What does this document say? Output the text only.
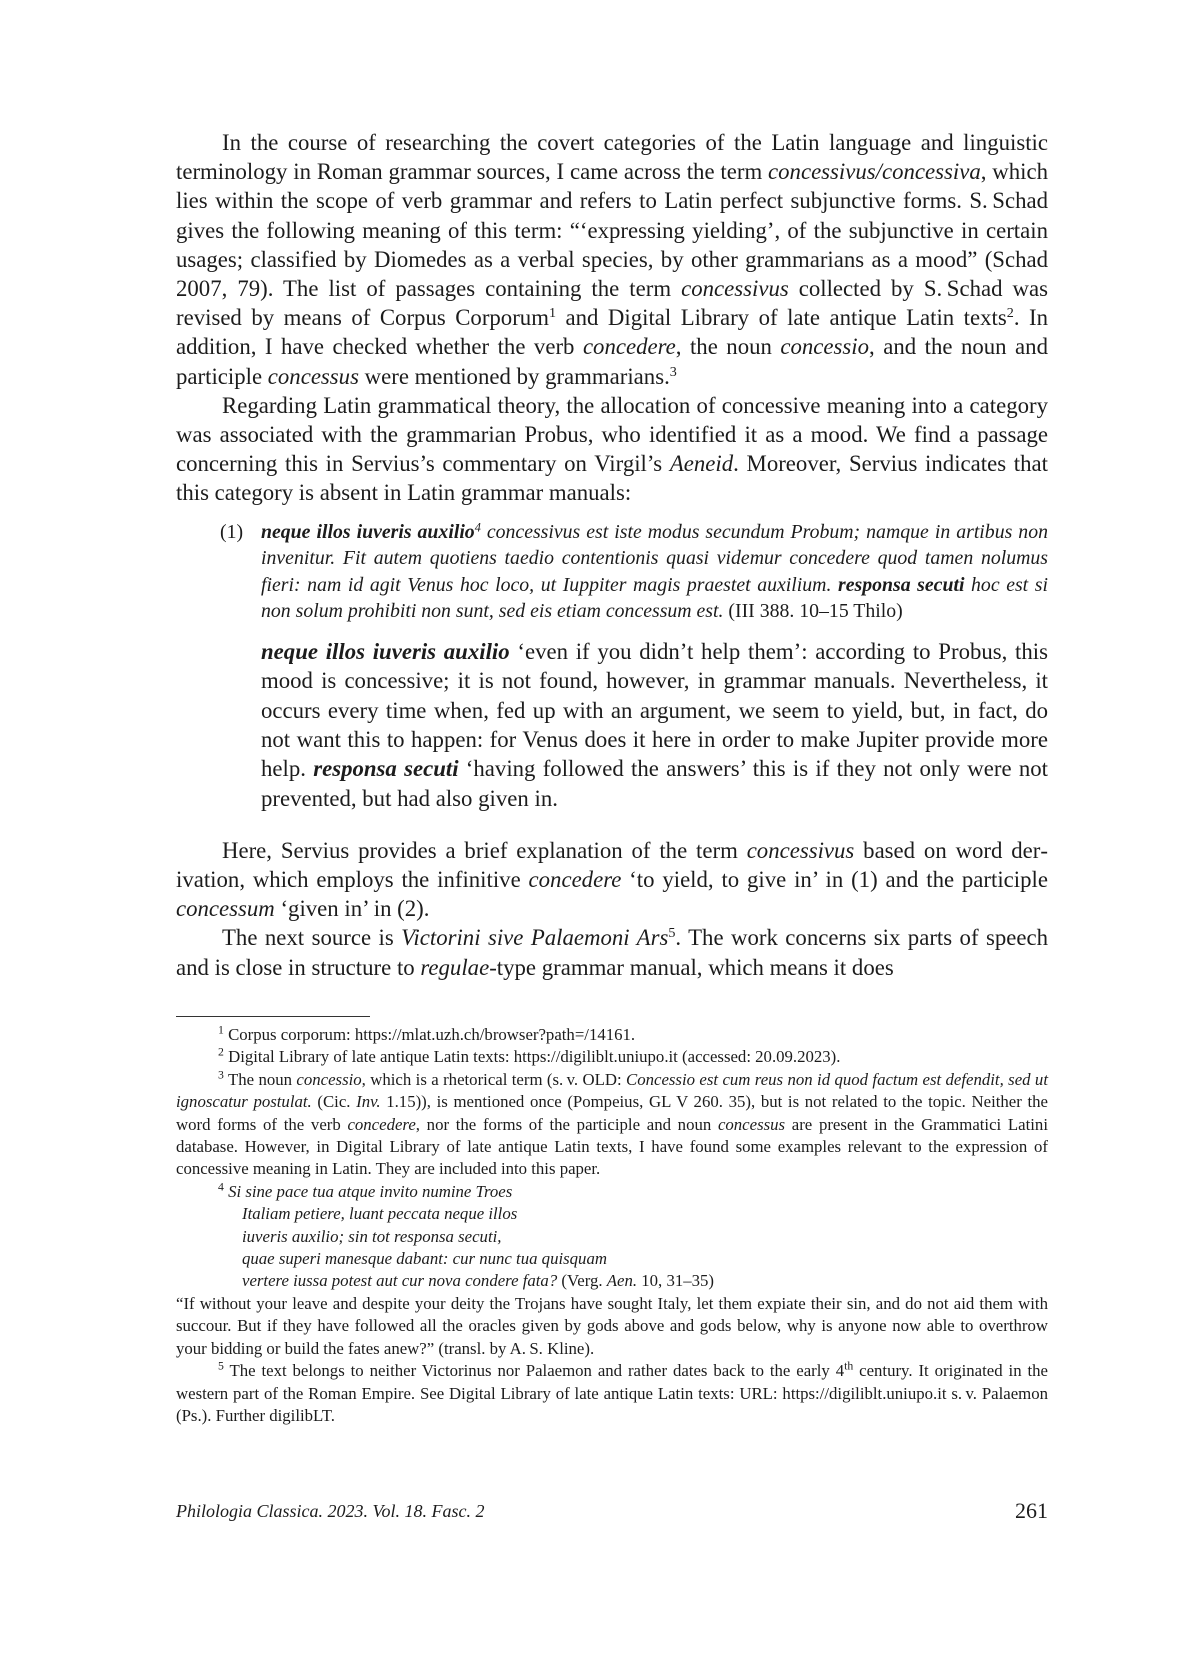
In the course of researching the covert categories of the Latin language and linguistic terminology in Roman grammar sources, I came across the term concessivus/concessiva, which lies within the scope of verb grammar and refers to Latin perfect subjunctive forms. S. Schad gives the following meaning of this term: “‘expressing yielding’, of the subjunctive in certain usages; classified by Diomedes as a verbal species, by other grammarians as a mood” (Schad 2007, 79). The list of passages containing the term concessivus collected by S. Schad was revised by means of Corpus Corporum$^1$ and Digital Library of late antique Latin texts$^2$. In addition, I have checked whether the verb concedere, the noun concessio, and the noun and participle concessus were mentioned by grammarians.$^3$

Regarding Latin grammatical theory, the allocation of concessive meaning into a category was associated with the grammarian Probus, who identified it as a mood. We find a passage concerning this in Servius’s commentary on Virgil’s Aeneid. Moreover, Servius indicates that this category is absent in Latin grammar manuals:

(1) neque illos iuveris auxilio$^4$ concessivus est iste modus secundum Probum; namque in artibus non invenitur. Fit autem quotiens taedio contentionis quasi videmur concedere quod tamen nolumus fieri: nam id agit Venus hoc loco, ut Iuppiter magis praestet auxilium. responsa secuti hoc est si non solum prohibiti non sunt, sed eis etiam concessum est. (III 388. 10–15 Thilo)
neque illos iuveris auxilio ‘even if you didn’t help them’: according to Probus, this mood is concessive; it is not found, however, in grammar manuals. Nevertheless, it occurs every time when, fed up with an argument, we seem to yield, but, in fact, do not want this to happen: for Venus does it here in order to make Jupiter provide more help. responsa secuti ‘having followed the answers’ this is if they not only were not prevented, but had also given in.

Here, Servius provides a brief explanation of the term concessivus based on word derivation, which employs the infinitive concedere ‘to yield, to give in’ in (1) and the participle concessum ‘given in’ in (2).

The next source is Victorini sive Palaemoni Ars$^5$. The work concerns six parts of speech and is close in structure to regulae-type grammar manual, which means it does

$^1$ Corpus corporum: https://mlat.uzh.ch/browser?path=/14161.

$^2$ Digital Library of late antique Latin texts: https://digiliblt.uniupo.it (accessed: 20.09.2023).

$^3$ The noun concessio, which is a rhetorical term (s. v. OLD: Concessio est cum reus non id quod factum est defendit, sed ut ignoscatur postulat. (Cic. Inv. 1.15)), is mentioned once (Pompeius, GL V 260. 35), but is not related to the topic. Neither the word forms of the verb concedere, nor the forms of the participle and noun concessus are present in the Grammatici Latini database. However, in Digital Library of late antique Latin texts, I have found some examples relevant to the expression of concessive meaning in Latin. They are included into this paper.

$^4$ Si sine pace tua atque invito numine Troes

Italiam petiere, luant peccata neque illos

iuveris auxilio; sin tot responsa secuti,

quae superi manesque dabant: cur nunc tua quisquam

vertere iussa potest aut cur nova condere fata? (Verg. Aen. 10, 31–35)

“If without your leave and despite your deity the Trojans have sought Italy, let them expiate their sin, and do not aid them with succour. But if they have followed all the oracles given by gods above and gods below, why is anyone now able to overthrow your bidding or build the fates anew?” (transl. by A. S. Kline).

$^5$ The text belongs to neither Victorinus nor Palaemon and rather dates back to the early 4th century. It originated in the western part of the Roman Empire. See Digital Library of late antique Latin texts: URL: https://digiliblt.uniupo.it s. v. Palaemon (Ps.). Further digilibLT.

Philologia Classica. 2023. Vol. 18. Fasc. 2	261
